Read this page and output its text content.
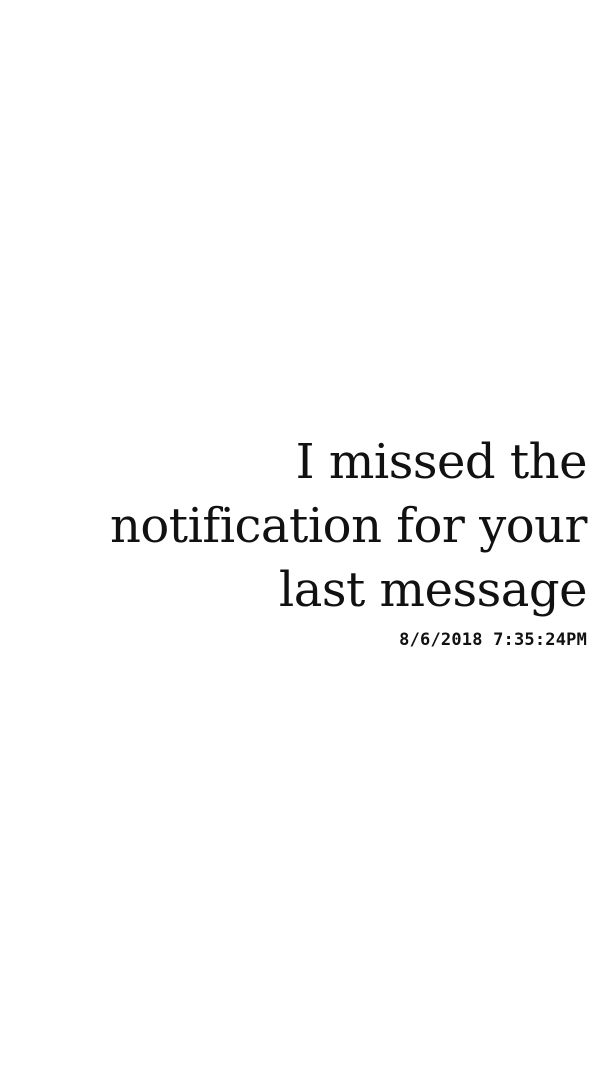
I missed the notification for your last message

8/6/2018 7:35:24PM
